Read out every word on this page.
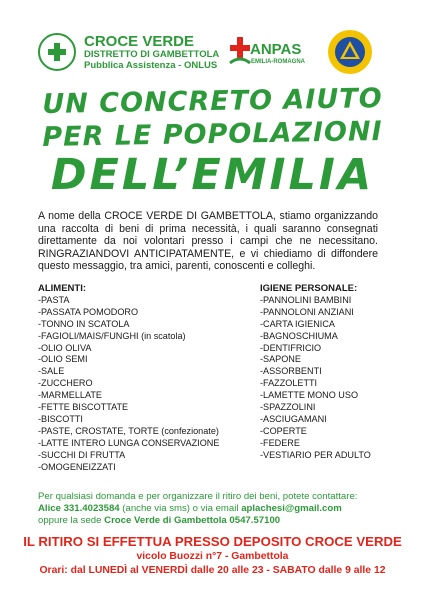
CROCE VERDE
DISTRETTO DI GAMBETTOLA
Pubblica Assistenza - ONLUS
ANPAS
EMILIA-ROMAGNA
UN CONCRETO AIUTO
PER LE POPOLAZIONI
DELL’EMILIA
A nome della CROCE VERDE DI GAMBETTOLA, stiamo organizzando una raccolta di beni di prima necessità, i quali saranno consegnati direttamente da noi volontari presso i campi che ne necessitano. RINGRAZIANDOVI ANTICIPATAMENTE, e vi chiediamo di diffondere questo messaggio, tra amici, parenti, conoscenti e colleghi.
ALIMENTI:
-PASTA
-PASSATA POMODORO
-TONNO IN SCATOLA
-FAGIOLI/MAIS/FUNGHI (in scatola)
-OLIO OLIVA
-OLIO SEMI
-SALE
-ZUCCHERO
-MARMELLATE
-FETTE BISCOTTATE
-BISCOTTI
-PASTE, CROSTATE, TORTE (confezionate)
-LATTE INTERO LUNGA CONSERVAZIONE
-SUCCHI DI FRUTTA
-OMOGENEIZZATI
IGIENE PERSONALE:
-PANNOLINI BAMBINI
-PANNOLONI ANZIANI
-CARTA IGIENICA
-BAGNOSCHIUMA
-DENTIFRICIO
-SAPONE
-ASSORBENTI
-FAZZOLETTI
-LAMETTE MONO USO
-SPAZZOLINI
-ASCIUGAMANI
-COPERTE
-FEDERE
-VESTIARIO PER ADULTO
Per qualsiasi domanda e per organizzare il ritiro dei beni, potete contattare:
Alice 331.4023584 (anche via sms) o via email aplachesi@gmail.com
oppure la sede Croce Verde di Gambettola 0547.57100
IL RITIRO SI EFFETTUA PRESSO DEPOSITO CROCE VERDE
vicolo Buozzi n°7 - Gambettola
Orari: dal LUNEDÌ al VENERDÌ dalle 20 alle 23 - SABATO dalle 9 alle 12
